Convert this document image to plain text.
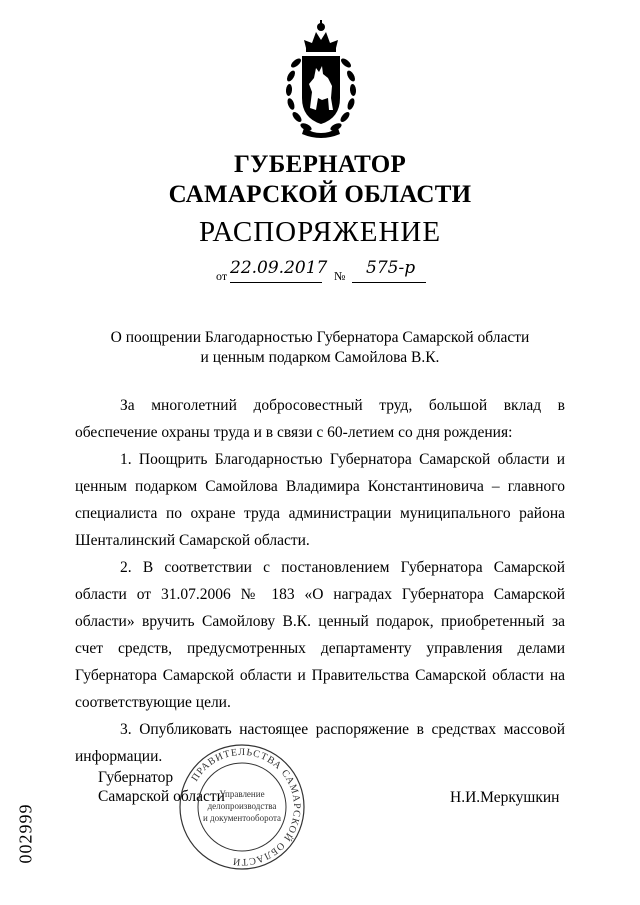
ГУБЕРНАТОР
САМАРСКОЙ ОБЛАСТИ
РАСПОРЯЖЕНИЕ
от 22.09.2017 № 575-р
О поощрении Благодарностью Губернатора Самарской области
и ценным подарком Самойлова В.К.

За многолетний добросовестный труд, большой вклад в обеспечение охраны труда и в связи с 60-летием со дня рождения:

1. Поощрить Благодарностью Губернатора Самарской области и ценным подарком Самойлова Владимира Константиновича – главного специалиста по охране труда администрации муниципального района Шенталинский Самарской области.

2. В соответствии с постановлением Губернатора Самарской области от 31.07.2006 № 183 «О наградах Губернатора Самарской области» вручить Самойлову В.К. ценный подарок, приобретенный за счет средств, предусмотренных департаменту управления делами Губернатора Самарской области и Правительства Самарской области на соответствующие цели.

3. Опубликовать настоящее распоряжение в средствах массовой информации.

Губернатор
Самарской области	Н.И.Меркушкин
ПРАВИТЕЛЬСТВА САМАРСКОЙ ОБЛАСТИ
Управление
делопроизводства
и документооборота
002999
